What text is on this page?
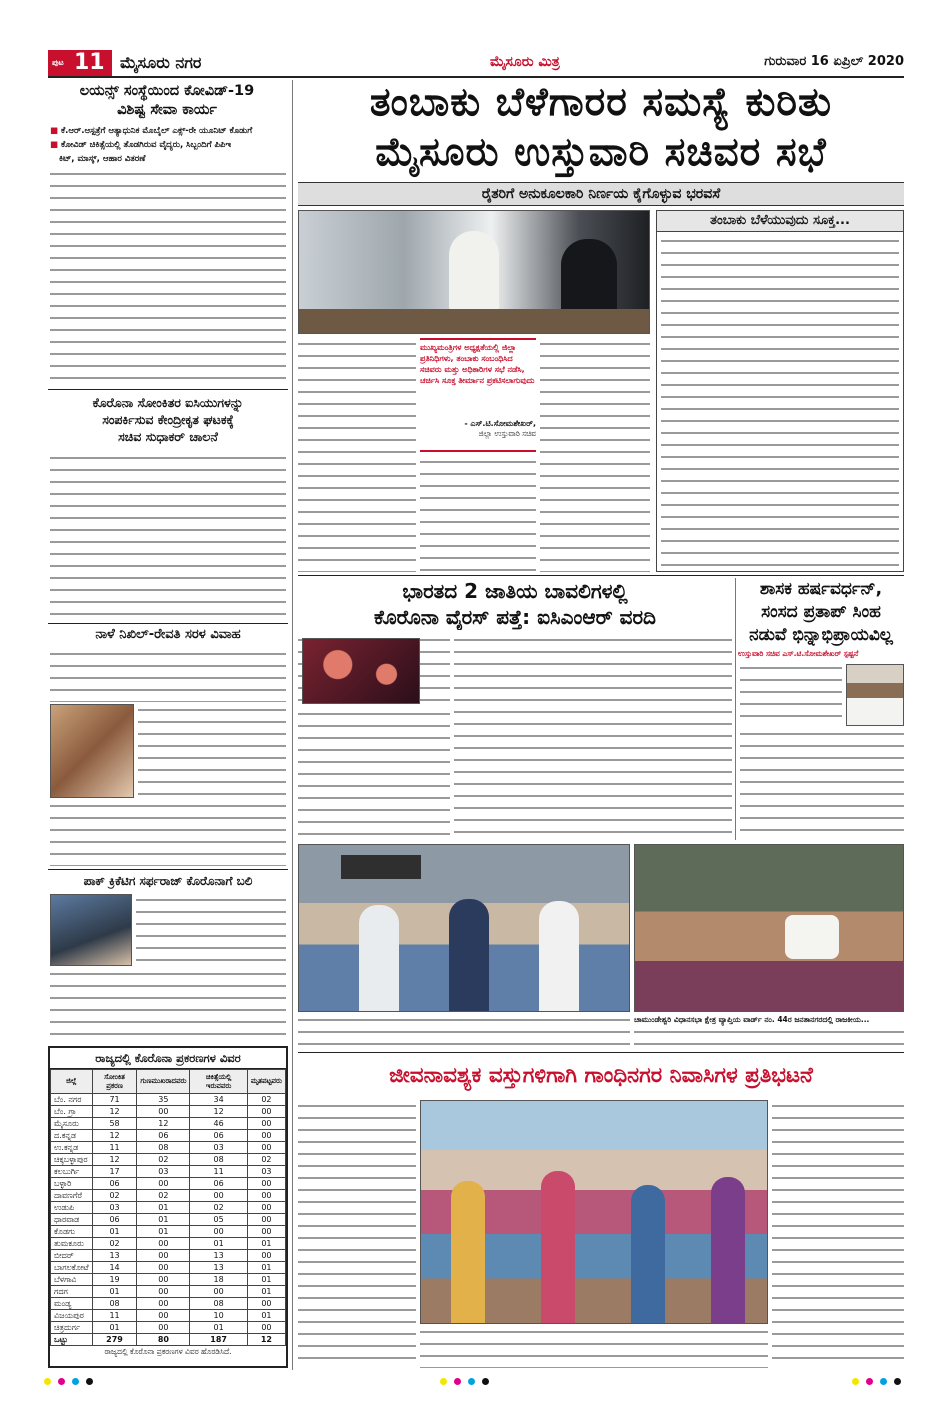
ಪುಟ 11 ಮೈಸೂರು ನಗರ	ಮೈಸೂರು ಮಿತ್ರ	ಗುರುವಾರ 16 ಏಪ್ರಿಲ್ 2020
ಲಯನ್ಸ್ ಸಂಸ್ಥೆಯಿಂದ ಕೋವಿಡ್-19
ವಿಶಿಷ್ಟ ಸೇವಾ ಕಾರ್ಯ
■ ಕೆ.ಆರ್.ಆಸ್ಪತ್ರೆಗೆ ಆತ್ಯಾಧುನಿಕ ಮೊಬೈಲ್ ಎಕ್ಸ್-ರೇ ಯೂನಿಟ್ ಕೊಡುಗೆ
■ ಕೋವಿಡ್ ಚಿಕಿತ್ಸೆಯಲ್ಲಿ ತೊಡಗಿರುವ ವೈದ್ಯರು, ಸಿಬ್ಬಂದಿಗೆ ಪಿಪಿಇ
ಕಿಟ್, ಮಾಸ್ಕ್, ಆಹಾರ ವಿತರಣೆ
ಕೊರೊನಾ ಸೋಂಕಿತರ ಐಸಿಯುಗಳನ್ನು
ಸಂಪರ್ಕಿಸುವ ಕೇಂದ್ರೀಕೃತ ಘಟಕಕ್ಕೆ
ಸಚಿವ ಸುಧಾಕರ್ ಚಾಲನೆ
ನಾಳೆ ನಿಖಿಲ್-ರೇವತಿ ಸರಳ ವಿವಾಹ
ಪಾಕ್ ಕ್ರಿಕೆಟಿಗ ಸರ್ಫರಾಜ್ ಕೊರೊನಾಗೆ ಬಲಿ
ರಾಜ್ಯದಲ್ಲಿ ಕೊರೊನಾ ಪ್ರಕರಣಗಳ ವಿವರ
ಜಿಲ್ಲೆ	ಸೋಂಕಿತ ಪ್ರಕರಣ	ಗುಣಮುಖರಾದವರು	ಚಿಕಿತ್ಸೆಯಲ್ಲಿ ಇರುವವರು	ಮೃತಪಟ್ಟವರು
ಬೆಂ. ನಗರ	71	35	34	02
ಬೆಂ. ಗ್ರಾ	12	00	12	00
ಮೈಸೂರು	58	12	46	00
ದ.ಕನ್ನಡ	12	06	06	00
ಉ.ಕನ್ನಡ	11	08	03	00
ಚಿಕ್ಕಬಳ್ಳಾಪುರ	12	02	08	02
ಕಲಬುರ್ಗಿ	17	03	11	03
ಬಳ್ಳಾರಿ	06	00	06	00
ದಾವಣಗೆರೆ	02	02	00	00
ಉಡುಪಿ	03	01	02	00
ಧಾರವಾಡ	06	01	05	00
ಕೊಡಗು	01	01	00	00
ತುಮಕೂರು	02	00	01	01
ಬೀದರ್	13	00	13	00
ಬಾಗಲಕೋಟೆ	14	00	13	01
ಬೆಳಗಾವಿ	19	00	18	01
ಗದಗ	01	00	00	01
ಮಂಡ್ಯ	08	00	08	00
ವಿಜಯಪುರ	11	00	10	01
ಚಿತ್ರದುರ್ಗ	01	00	01	00
ಒಟ್ಟು	279	80	187	12
ರಾಜ್ಯದಲ್ಲಿ ಕೊರೊನಾ ಪ್ರಕರಣಗಳ ವಿವರ ಹೊರಡಿಸಿದೆ.
ತಂಬಾಕು ಬೆಳೆಗಾರರ ಸಮಸ್ಯೆ ಕುರಿತು
ಮೈಸೂರು ಉಸ್ತುವಾರಿ ಸಚಿವರ ಸಭೆ
ರೈತರಿಗೆ ಅನುಕೂಲಕಾರಿ ನಿರ್ಣಯ ಕೈಗೊಳ್ಳುವ ಭರವಸೆ
ತಂಬಾಕು ಬೆಳೆಯುವುದು ಸೂಕ್ತ...
ಮುಖ್ಯಮಂತ್ರಿಗಳ ಅಧ್ಯಕ್ಷತೆಯಲ್ಲಿ ಜಿಲ್ಲಾ ಪ್ರತಿನಿಧಿಗಳು, ತಂಬಾಕು ಸಂಬಂಧಿಸಿದ ಸಚಿವರು ಮತ್ತು ಅಧಿಕಾರಿಗಳ ಸಭೆ ನಡೆಸಿ, ಚರ್ಚಿಸಿ ಸೂಕ್ತ ತೀರ್ಮಾನ ಪ್ರಕಟಿಸಲಾಗುವುದು
- ಎಸ್.ಟಿ.ಸೋಮಶೇಖರ್,
ಜಿಲ್ಲಾ ಉಸ್ತುವಾರಿ ಸಚಿವ
ಭಾರತದ 2 ಜಾತಿಯ ಬಾವಲಿಗಳಲ್ಲಿ
ಕೊರೊನಾ ವೈರಸ್ ಪತ್ತೆ: ಐಸಿಎಂಆರ್ ವರದಿ
ಶಾಸಕ ಹರ್ಷವರ್ಧನ್,
ಸಂಸದ ಪ್ರತಾಪ್ ಸಿಂಹ
ನಡುವೆ ಭಿನ್ನಾಭಿಪ್ರಾಯವಿಲ್ಲ
ಉಸ್ತುವಾರಿ ಸಚಿವ ಎಸ್.ಟಿ.ಸೋಮಶೇಖರ್ ಸ್ಪಷ್ಟನೆ
ಚಾಮುಂಡೇಶ್ವರಿ ವಿಧಾನಸಭಾ ಕ್ಷೇತ್ರ ವ್ಯಾಪ್ತಿಯ ವಾರ್ಡ್ ನಂ. 44ರ ಜನತಾನಗರದಲ್ಲಿ ರಾಜಕೀಯ...
ಜೀವನಾವಶ್ಯಕ ವಸ್ತುಗಳಿಗಾಗಿ ಗಾಂಧಿನಗರ ನಿವಾಸಿಗಳ ಪ್ರತಿಭಟನೆ
